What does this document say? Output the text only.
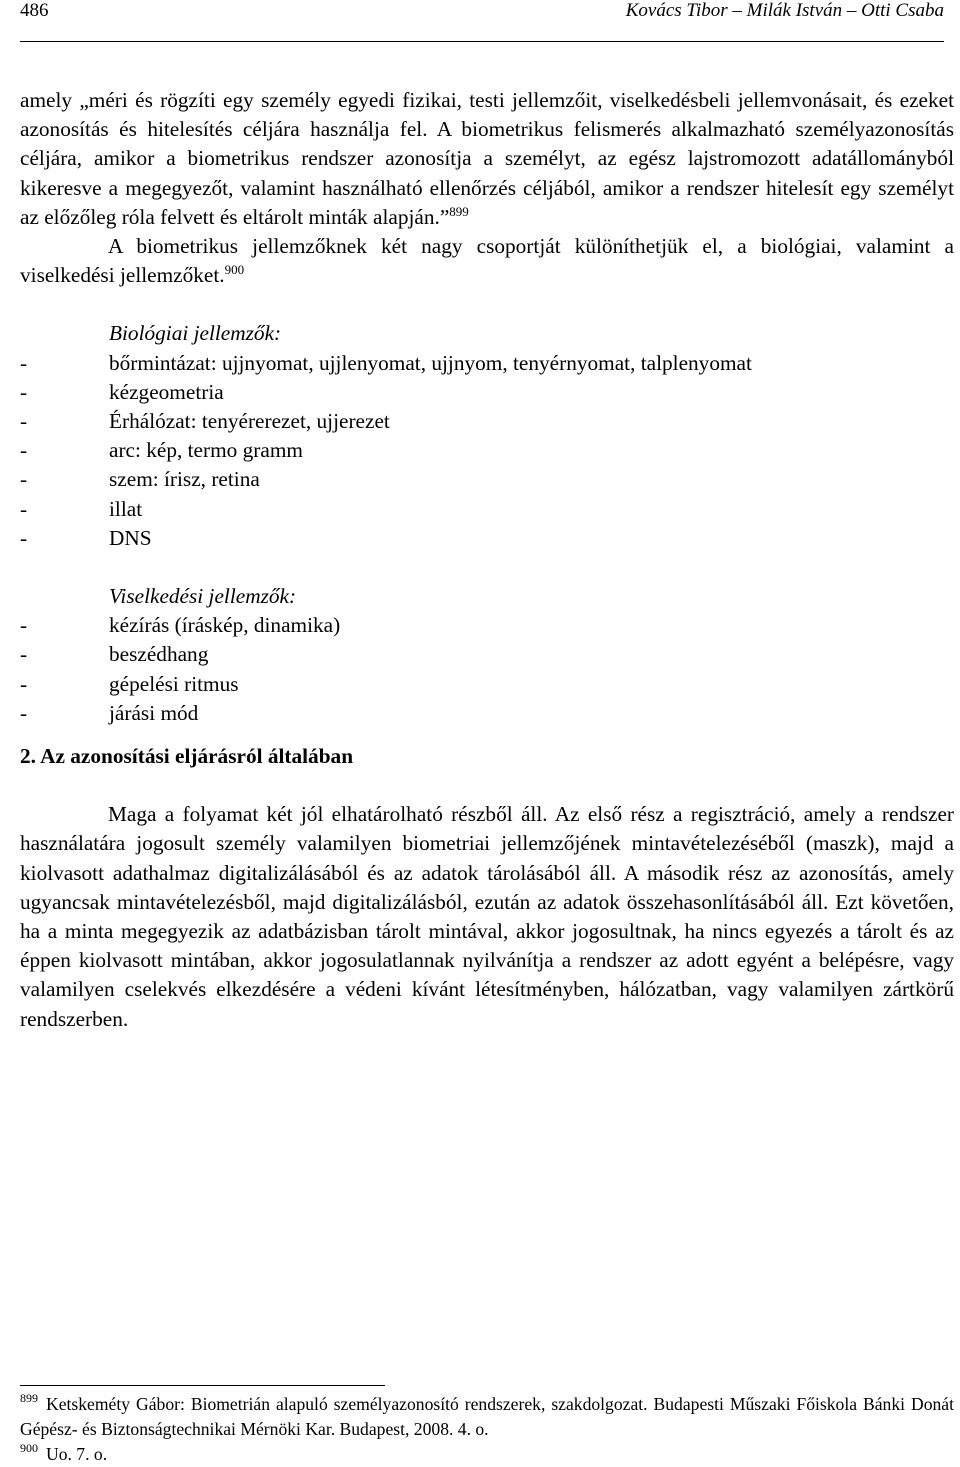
486	Kovács Tibor – Milák István – Otti Csaba

amely „méri és rögzíti egy személy egyedi fizikai, testi jellemzőit, viselkedésbeli jellemvonásait, és ezeket azonosítás és hitelesítés céljára használja fel. A biometrikus felismerés alkalmazható személyazonosítás céljára, amikor a biometrikus rendszer azonosítja a személyt, az egész lajstromozott adatállományból kikeresve a megegyezőt, valamint használható ellenőrzés céljából, amikor a rendszer hitelesít egy személyt az előzőleg róla felvett és eltárolt minták alapján.”$^{899}$

A biometrikus jellemzőknek két nagy csoportját különíthetjük el, a biológiai, valamint a viselkedési jellemzőket.$^{900}$

Biológiai jellemzők:
-	bőrmintázat: ujjnyomat, ujjlenyomat, ujjnyom, tenyérnyomat, talplenyomat
-	kézgeometria
-	Érhálózat: tenyérerezet, ujjerezet
-	arc: kép, termo gramm
-	szem: írisz, retina
-	illat
-	DNS
Viselkedési jellemzők:
-	kézírás (íráskép, dinamika)
-	beszédhang
-	gépelési ritmus
-	járási mód
2. Az azonosítási eljárásról általában

Maga a folyamat két jól elhatárolható részből áll. Az első rész a regisztráció, amely a rendszer használatára jogosult személy valamilyen biometriai jellemzőjének mintavételezéséből (maszk), majd a kiolvasott adathalmaz digitalizálásából és az adatok tárolásából áll. A második rész az azonosítás, amely ugyancsak mintavételezésből, majd digitalizálásból, ezután az adatok összehasonlításából áll. Ezt követően, ha a minta megegyezik az adatbázisban tárolt mintával, akkor jogosultnak, ha nincs egyezés a tárolt és az éppen kiolvasott mintában, akkor jogosulatlannak nyilvánítja a rendszer az adott egyént a belépésre, vagy valamilyen cselekvés elkezdésére a védeni kívánt létesítményben, hálózatban, vagy valamilyen zártkörű rendszerben.

$^{899}$ Ketskeméty Gábor: Biometrián alapuló személyazonosító rendszerek, szakdolgozat. Budapesti Műszaki Főiskola Bánki Donát Gépész- és Biztonságtechnikai Mérnöki Kar. Budapest, 2008. 4. o.

$^{900}$ Uo. 7. o.
